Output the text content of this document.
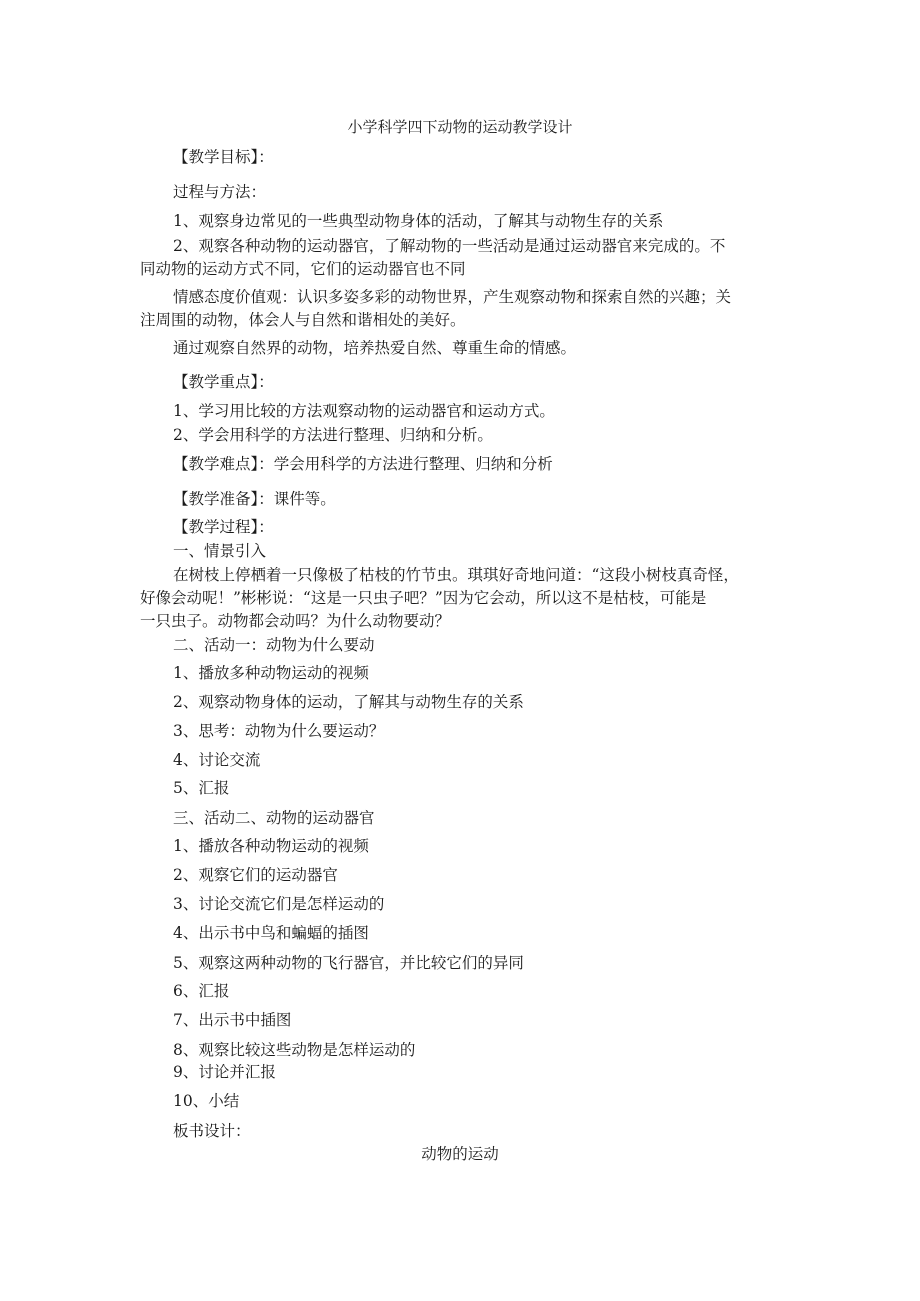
小学科学四下动物的运动教学设计
【教学目标】：
过程与方法：
1、观察身边常见的一些典型动物身体的活动，了解其与动物生存的关系
2、观察各种动物的运动器官，了解动物的一些活动是通过运动器官来完成的。不
同动物的运动方式不同，它们的运动器官也不同
情感态度价值观：认识多姿多彩的动物世界，产生观察动物和探索自然的兴趣；关
注周围的动物，体会人与自然和谐相处的美好。
通过观察自然界的动物，培养热爱自然、尊重生命的情感。
【教学重点】：
1、学习用比较的方法观察动物的运动器官和运动方式。
2、学会用科学的方法进行整理、归纳和分析。
【教学难点】：学会用科学的方法进行整理、归纳和分析
【教学准备】：课件等。
【教学过程】：
一、情景引入
在树枝上停栖着一只像极了枯枝的竹节虫。琪琪好奇地问道：“这段小树枝真奇怪，
好像会动呢！”彬彬说：“这是一只虫子吧？”因为它会动，所以这不是枯枝，可能是
一只虫子。动物都会动吗？为什么动物要动？
二、活动一：动物为什么要动
1、播放多种动物运动的视频
2、观察动物身体的运动，了解其与动物生存的关系
3、思考：动物为什么要运动？
4、讨论交流
5、汇报
三、活动二、动物的运动器官
1、播放各种动物运动的视频
2、观察它们的运动器官
3、讨论交流它们是怎样运动的
4、出示书中鸟和蝙蝠的插图
5、观察这两种动物的飞行器官，并比较它们的异同
6、汇报
7、出示书中插图
8、观察比较这些动物是怎样运动的
9、讨论并汇报
10、小结
板书设计：
动物的运动
